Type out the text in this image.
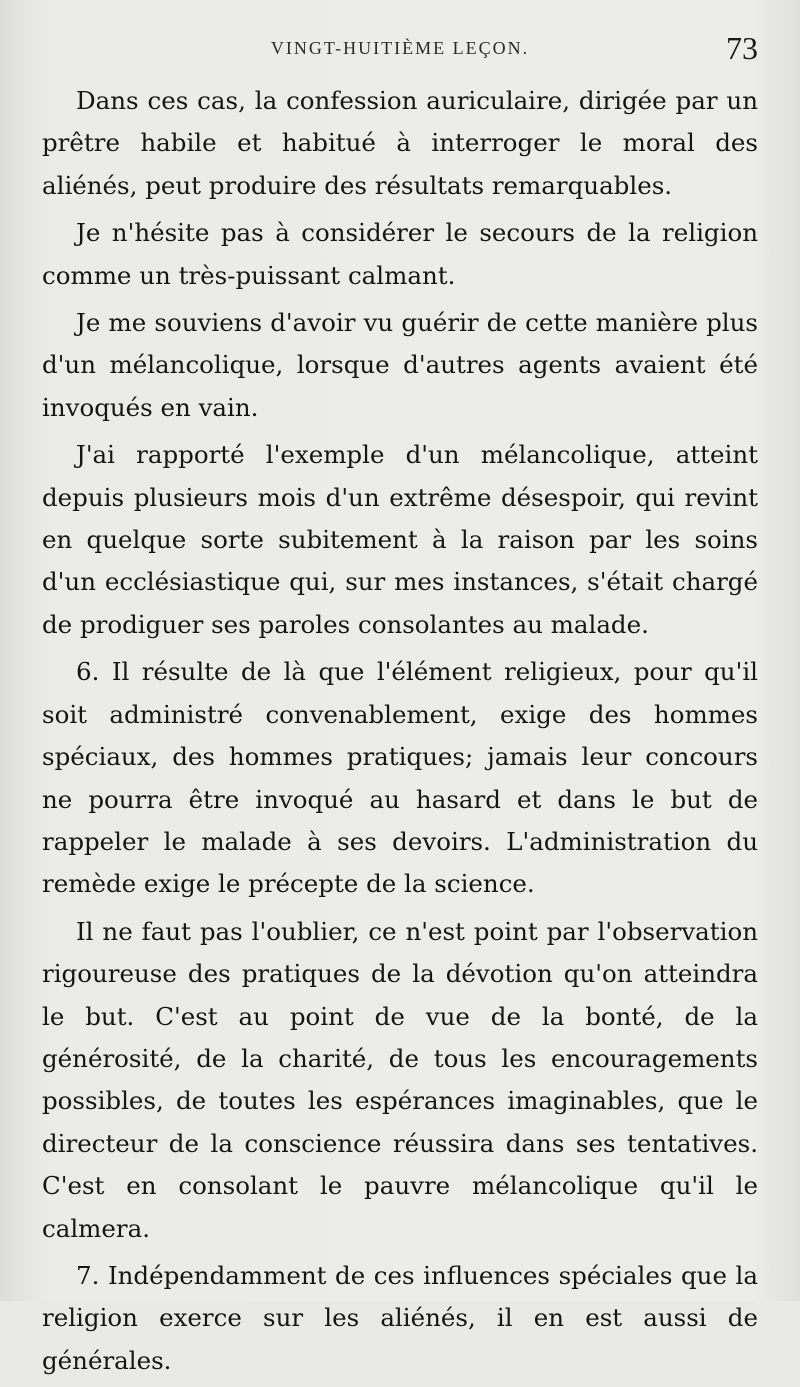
VINGT-HUITIÈME LEÇON.	73

Dans ces cas, la confession auriculaire, dirigée par un prêtre habile et habitué à interroger le moral des aliénés, peut produire des résultats remarquables.

Je n'hésite pas à considérer le secours de la religion comme un très-puissant calmant.

Je me souviens d'avoir vu guérir de cette manière plus d'un mélancolique, lorsque d'autres agents avaient été invoqués en vain.

J'ai rapporté l'exemple d'un mélancolique, atteint depuis plusieurs mois d'un extrême désespoir, qui revint en quelque sorte subitement à la raison par les soins d'un ecclésiastique qui, sur mes instances, s'était chargé de prodiguer ses paroles consolantes au malade.

6. Il résulte de là que l'élément religieux, pour qu'il soit administré convenablement, exige des hommes spéciaux, des hommes pratiques; jamais leur concours ne pourra être invoqué au hasard et dans le but de rappeler le malade à ses devoirs. L'administration du remède exige le précepte de la science.

Il ne faut pas l'oublier, ce n'est point par l'observation rigoureuse des pratiques de la dévotion qu'on atteindra le but. C'est au point de vue de la bonté, de la générosité, de la charité, de tous les encouragements possibles, de toutes les espérances imaginables, que le directeur de la conscience réussira dans ses tentatives. C'est en consolant le pauvre mélancolique qu'il le calmera.

7. Indépendamment de ces influences spéciales que la religion exerce sur les aliénés, il en est aussi de générales.
